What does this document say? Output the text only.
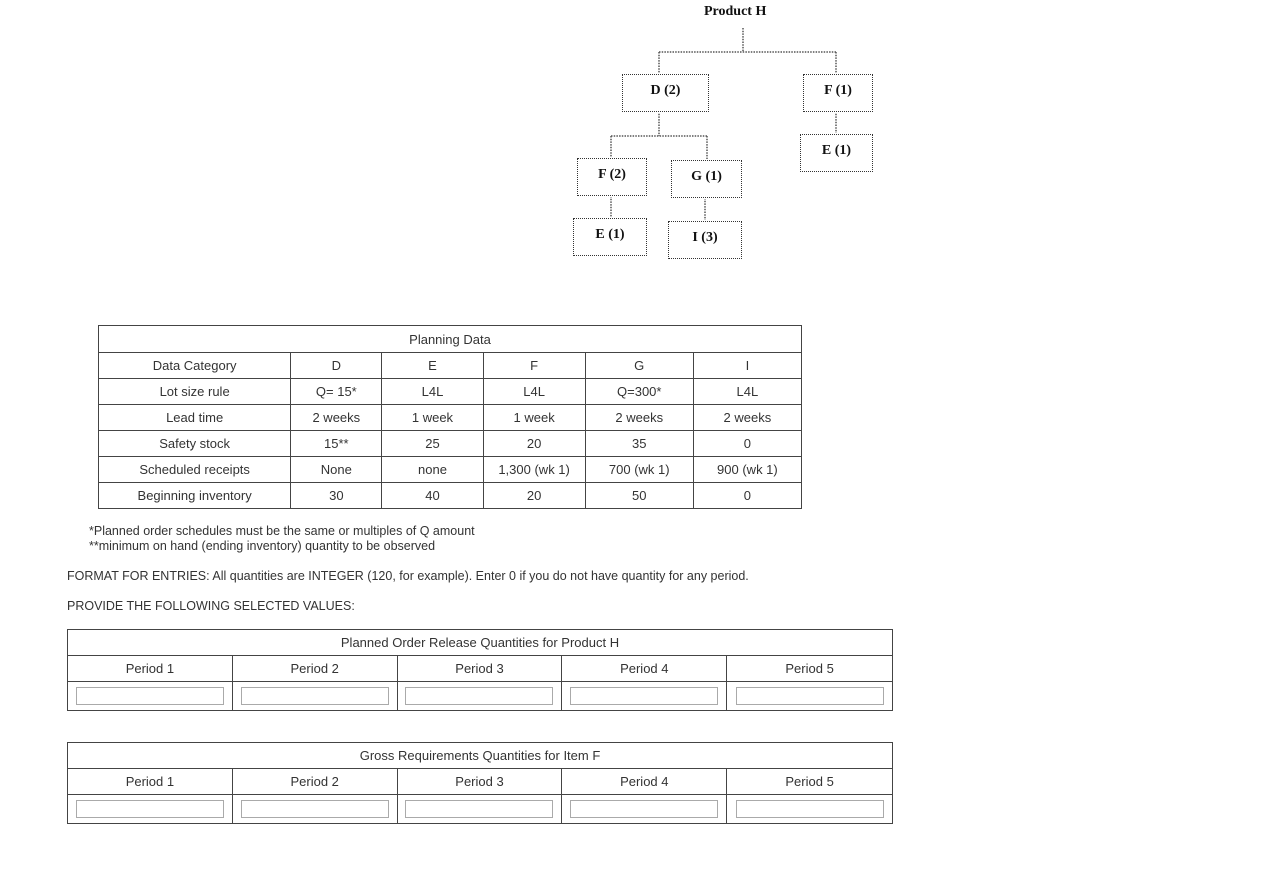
Product H
D (2)	F (1)
E (1)
F (2)	G (1)
E (1)	I (3)
Planning Data					
Data Category	D	E	F	G	I
Lot size rule	Q= 15*	L4L	L4L	Q=300*	L4L
Lead time	2 weeks	1 week	1 week	2 weeks	2 weeks
Safety stock	15**	25	20	35	0
Scheduled receipts	None	none	1,300 (wk 1)	700 (wk 1)	900 (wk 1)
Beginning inventory	30	40	20	50	0
*Planned order schedules must be the same or multiples of Q amount
**minimum on hand (ending inventory) quantity to be observed
FORMAT FOR ENTRIES: All quantities are INTEGER (120, for example). Enter 0 if you do not have quantity for any period.
PROVIDE THE FOLLOWING SELECTED VALUES:
Planned Order Release Quantities for Product H				
Period 1	Period 2	Period 3	Period 4	Period 5

Gross Requirements Quantities for Item F				
Period 1	Period 2	Period 3	Period 4	Period 5
